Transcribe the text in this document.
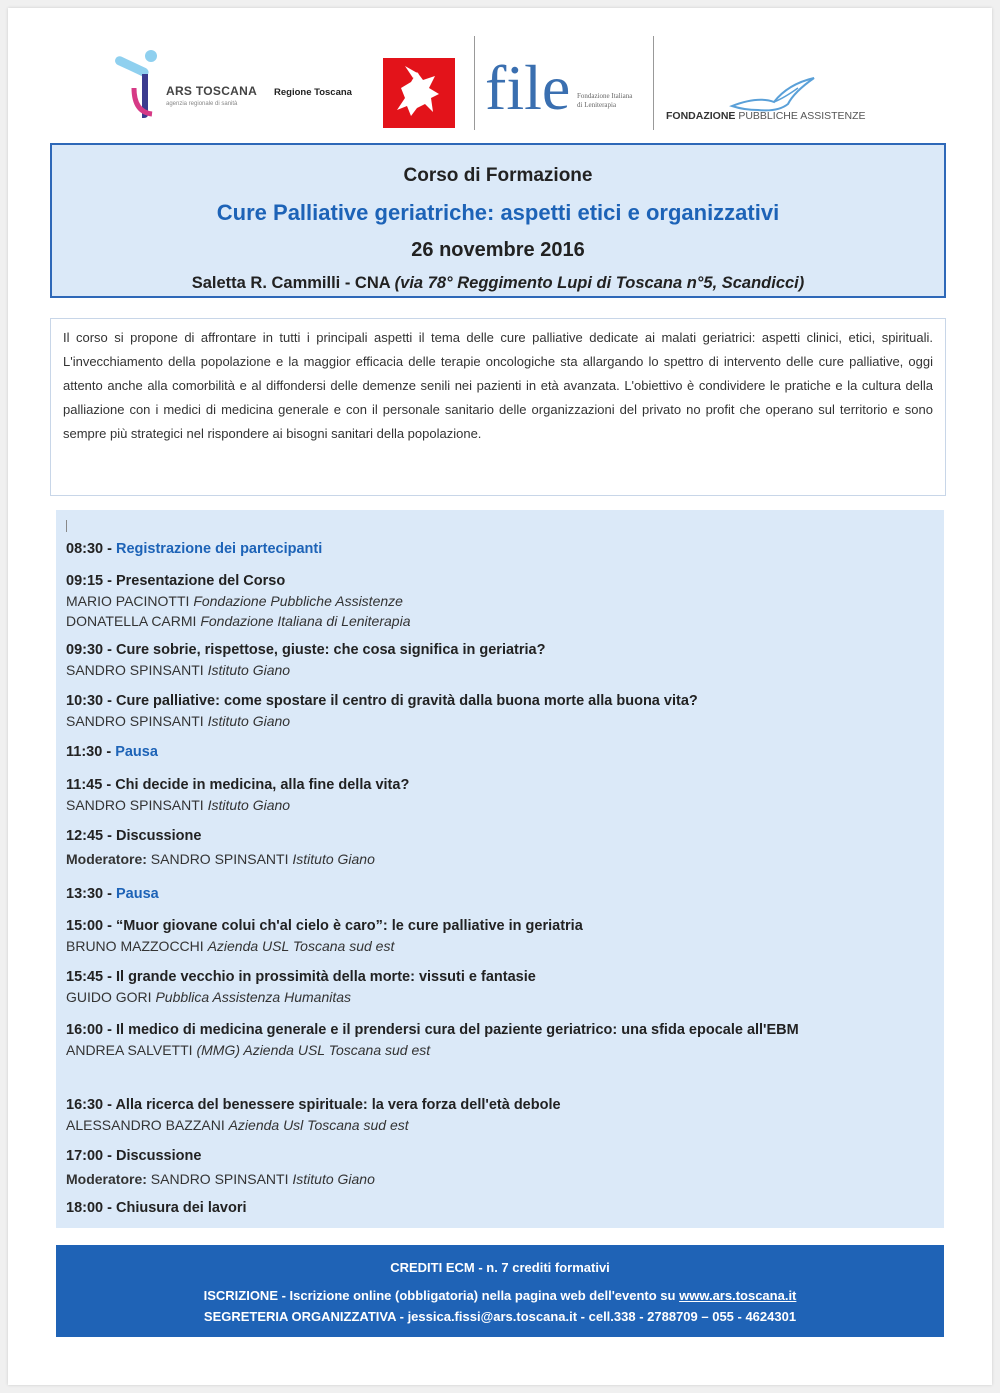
ARS TOSCANA
agenzia regionale di sanità
Regione Toscana file Fondazione Italiana di Leniterapia
FONDAZIONE PUBBLICHE ASSISTENZE
Corso di Formazione
Cure Palliative geriatriche: aspetti etici e organizzativi
26 novembre 2016
Saletta R. Cammilli - CNA (via 78° Reggimento Lupi di Toscana n°5, Scandicci)
Il corso si propone di affrontare in tutti i principali aspetti il tema delle cure palliative dedicate ai malati geriatrici: aspetti clinici, etici, spirituali. L'invecchiamento della popolazione e la maggior efficacia delle terapie oncologiche sta allargando lo spettro di intervento delle cure palliative, oggi attento anche alla comorbilità e al diffondersi delle demenze senili nei pazienti in età avanzata. L'obiettivo è condividere le pratiche e la cultura della palliazione con i medici di medicina generale e con il personale sanitario delle organizzazioni del privato no profit che operano sul territorio e sono sempre più strategici nel rispondere ai bisogni sanitari della popolazione.
08:30 - Registrazione dei partecipanti
09:15 - Presentazione del Corso
MARIO PACINOTTI Fondazione Pubbliche Assistenze
DONATELLA CARMI Fondazione Italiana di Leniterapia
09:30 - Cure sobrie, rispettose, giuste: che cosa significa in geriatria?
SANDRO SPINSANTI Istituto Giano
10:30 - Cure palliative: come spostare il centro di gravità dalla buona morte alla buona vita?
SANDRO SPINSANTI Istituto Giano
11:30 - Pausa
11:45 - Chi decide in medicina, alla fine della vita?
SANDRO SPINSANTI Istituto Giano
12:45 - Discussione
Moderatore: SANDRO SPINSANTI Istituto Giano
13:30 - Pausa
15:00 - “Muor giovane colui ch'al cielo è caro”: le cure palliative in geriatria
BRUNO MAZZOCCHI Azienda USL Toscana sud est
15:45 - Il grande vecchio in prossimità della morte: vissuti e fantasie
GUIDO GORI Pubblica Assistenza Humanitas
16:00 - Il medico di medicina generale e il prendersi cura del paziente geriatrico: una sfida epocale all'EBM
ANDREA SALVETTI (MMG) Azienda USL Toscana sud est
16:30 - Alla ricerca del benessere spirituale: la vera forza dell'età debole
ALESSANDRO BAZZANI Azienda Usl Toscana sud est
17:00 - Discussione
Moderatore: SANDRO SPINSANTI Istituto Giano
18:00 - Chiusura dei lavori
CREDITI ECM - n. 7 crediti formativi
ISCRIZIONE - Iscrizione online (obbligatoria) nella pagina web dell'evento su www.ars.toscana.it
SEGRETERIA ORGANIZZATIVA - jessica.fissi@ars.toscana.it - cell.338 - 2788709 – 055 - 4624301
